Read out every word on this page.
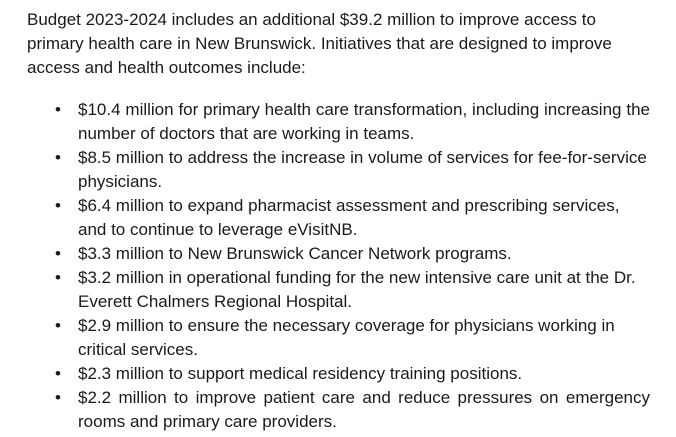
Budget 2023-2024 includes an additional $39.2 million to improve access to primary health care in New Brunswick. Initiatives that are designed to improve access and health outcomes include:

• $10.4 million for primary health care transformation, including increasing the number of doctors that are working in teams.
• $8.5 million to address the increase in volume of services for fee-for-service physicians.
• $6.4 million to expand pharmacist assessment and prescribing services, and to continue to leverage eVisitNB.
• $3.3 million to New Brunswick Cancer Network programs.
• $3.2 million in operational funding for the new intensive care unit at the Dr. Everett Chalmers Regional Hospital.
• $2.9 million to ensure the necessary coverage for physicians working in critical services.
• $2.3 million to support medical residency training positions.
• $2.2 million to improve patient care and reduce pressures on emergency rooms and primary care providers.
